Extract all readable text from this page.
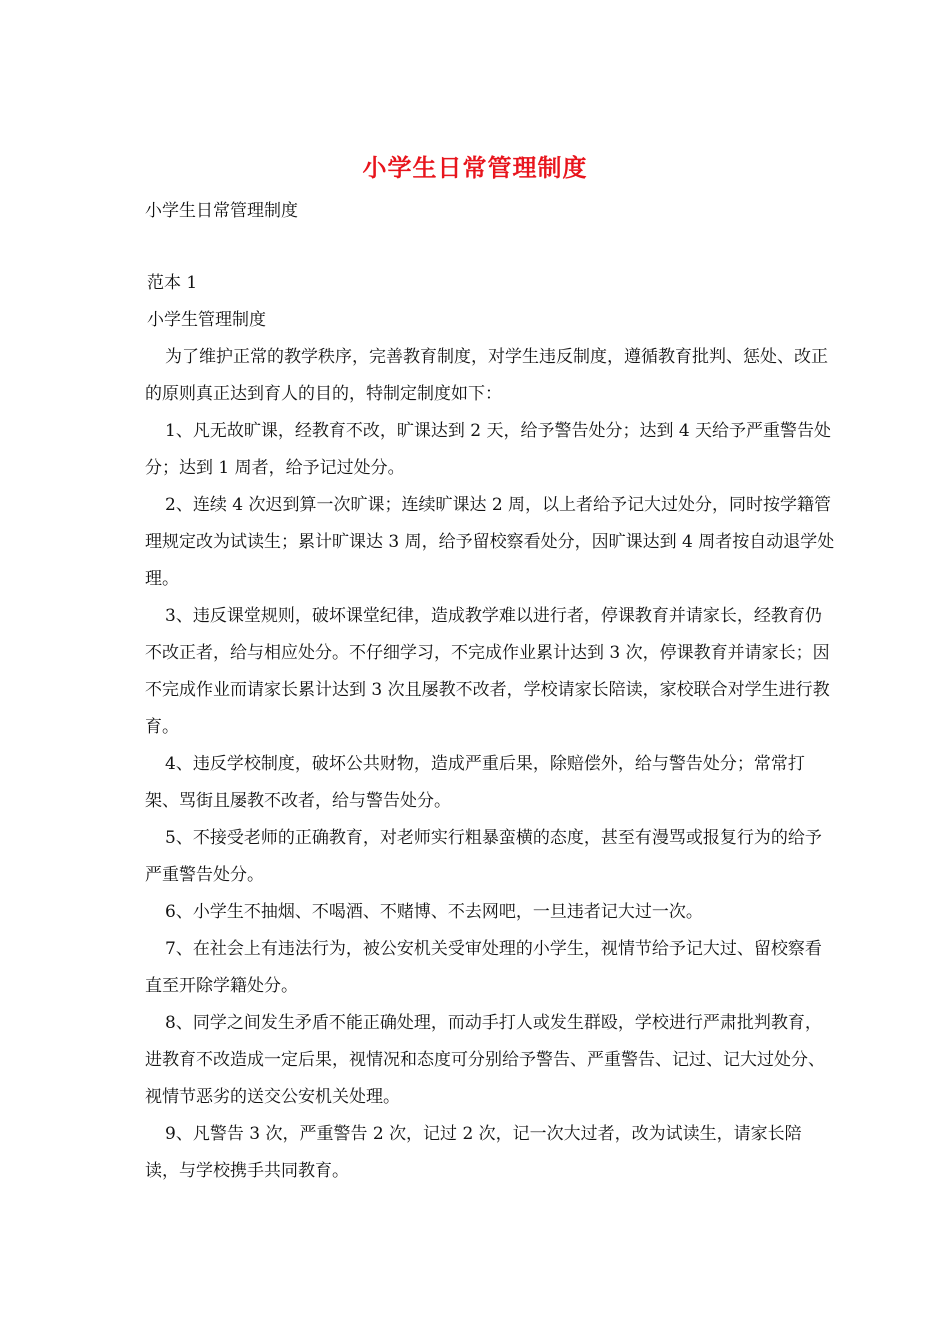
小学生日常管理制度
小学生日常管理制度

范本 1

小学生管理制度

为了维护正常的教学秩序，完善教育制度，对学生违反制度，遵循教育批判、惩处、改正的原则真正达到育人的目的，特制定制度如下：

1、凡无故旷课，经教育不改，旷课达到 2 天，给予警告处分；达到 4 天给予严重警告处分；达到 1 周者，给予记过处分。

2、连续 4 次迟到算一次旷课；连续旷课达 2 周，以上者给予记大过处分，同时按学籍管理规定改为试读生；累计旷课达 3 周，给予留校察看处分，因旷课达到 4 周者按自动退学处理。

3、违反课堂规则，破坏课堂纪律，造成教学难以进行者，停课教育并请家长，经教育仍不改正者，给与相应处分。不仔细学习，不完成作业累计达到 3 次，停课教育并请家长；因不完成作业而请家长累计达到 3 次且屡教不改者，学校请家长陪读，家校联合对学生进行教育。

4、违反学校制度，破坏公共财物，造成严重后果，除赔偿外，给与警告处分；常常打架、骂街且屡教不改者，给与警告处分。

5、不接受老师的正确教育，对老师实行粗暴蛮横的态度，甚至有漫骂或报复行为的给予严重警告处分。

6、小学生不抽烟、不喝酒、不赌博、不去网吧，一旦违者记大过一次。

7、在社会上有违法行为，被公安机关受审处理的小学生，视情节给予记大过、留校察看直至开除学籍处分。

8、同学之间发生矛盾不能正确处理，而动手打人或发生群殴，学校进行严肃批判教育，进教育不改造成一定后果，视情况和态度可分别给予警告、严重警告、记过、记大过处分、视情节恶劣的送交公安机关处理。

9、凡警告 3 次，严重警告 2 次，记过 2 次，记一次大过者，改为试读生，请家长陪读，与学校携手共同教育。
